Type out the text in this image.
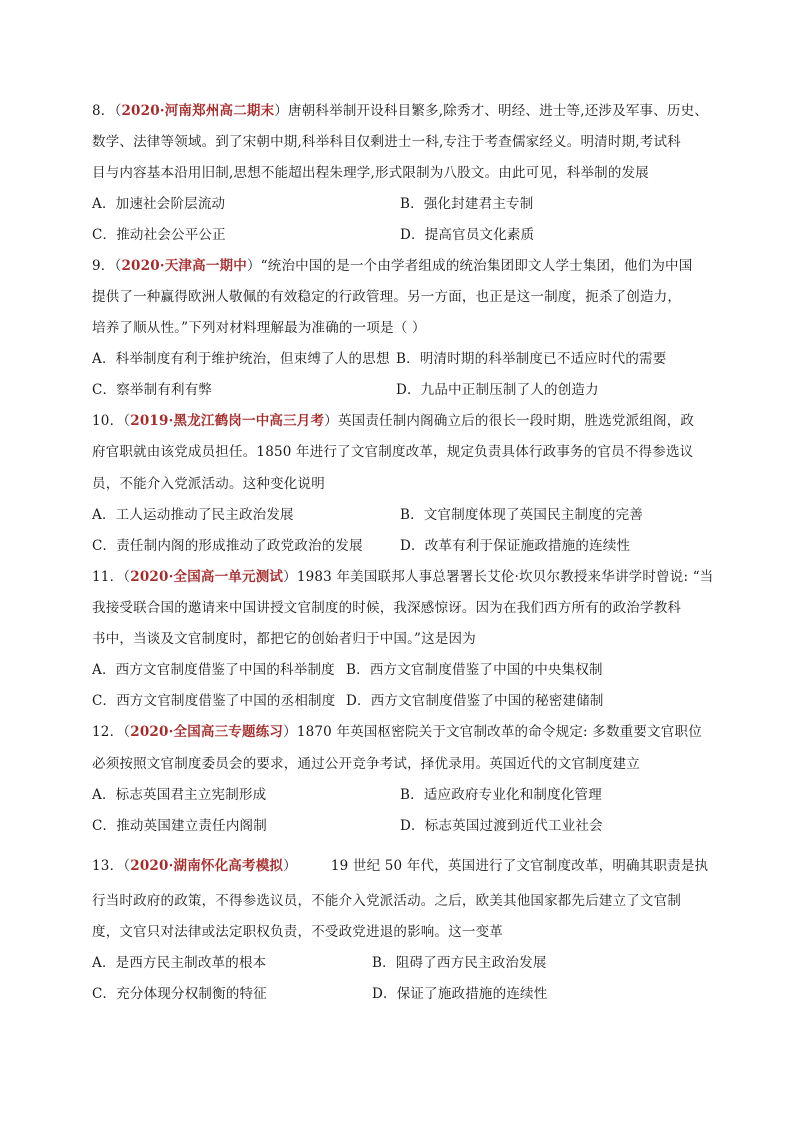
8．（2020·河南郑州高二期末）唐朝科举制开设科目繁多,除秀才、明经、进士等,还涉及军事、历史、
数学、法律等领域。到了宋朝中期,科举科目仅剩进士一科,专注于考查儒家经义。明清时期,考试科
目与内容基本沿用旧制,思想不能超出程朱理学,形式限制为八股文。由此可见，科举制的发展
A．加速社会阶层流动	B．强化封建君主专制
C．推动社会公平公正	D．提高官员文化素质
9．（2020·天津高一期中）“统治中国的是一个由学者组成的统治集团即文人学士集团，他们为中国
提供了一种赢得欧洲人敬佩的有效稳定的行政管理。另一方面，也正是这一制度，扼杀了创造力，
培养了顺从性。”下列对材料理解最为准确的一项是（ ）
A．科举制度有利于维护统治，但束缚了人的思想 B．明清时期的科举制度已不适应时代的需要
C．察举制有利有弊	D．九品中正制压制了人的创造力
10．（2019·黑龙江鹤岗一中高三月考）英国责任制内阁确立后的很长一段时期，胜选党派组阁，政
府官职就由该党成员担任。1850 年进行了文官制度改革，规定负责具体行政事务的官员不得参选议
员，不能介入党派活动。这种变化说明
A．工人运动推动了民主政治发展	B．文官制度体现了英国民主制度的完善
C．责任制内阁的形成推动了政党政治的发展	D．改革有利于保证施政措施的连续性
11．（2020·全国高一单元测试）1983 年美国联邦人事总署署长艾伦·坎贝尔教授来华讲学时曾说: “当
我接受联合国的邀请来中国讲授文官制度的时候，我深感惊讶。因为在我们西方所有的政治学教科
书中，当谈及文官制度时，都把它的创始者归于中国。”这是因为
A．西方文官制度借鉴了中国的科举制度 B．西方文官制度借鉴了中国的中央集权制
C．西方文官制度借鉴了中国的丞相制度 D．西方文官制度借鉴了中国的秘密建储制
12．（2020·全国高三专题练习）1870 年英国枢密院关于文官制改革的命令规定: 多数重要文官职位
必须按照文官制度委员会的要求，通过公开竞争考试，择优录用。英国近代的文官制度建立
A．标志英国君主立宪制形成	B．适应政府专业化和制度化管理
C．推动英国建立责任内阁制	D．标志英国过渡到近代工业社会
13．（2020·湖南怀化高考模拟）	19 世纪 50 年代，英国进行了文官制度改革，明确其职责是执
行当时政府的政策，不得参选议员，不能介入党派活动。之后，欧美其他国家都先后建立了文官制
度，文官只对法律或法定职权负责，不受政党进退的影响。这一变革
A．是西方民主制改革的根本	B．阻碍了西方民主政治发展
C．充分体现分权制衡的特征	D．保证了施政措施的连续性
